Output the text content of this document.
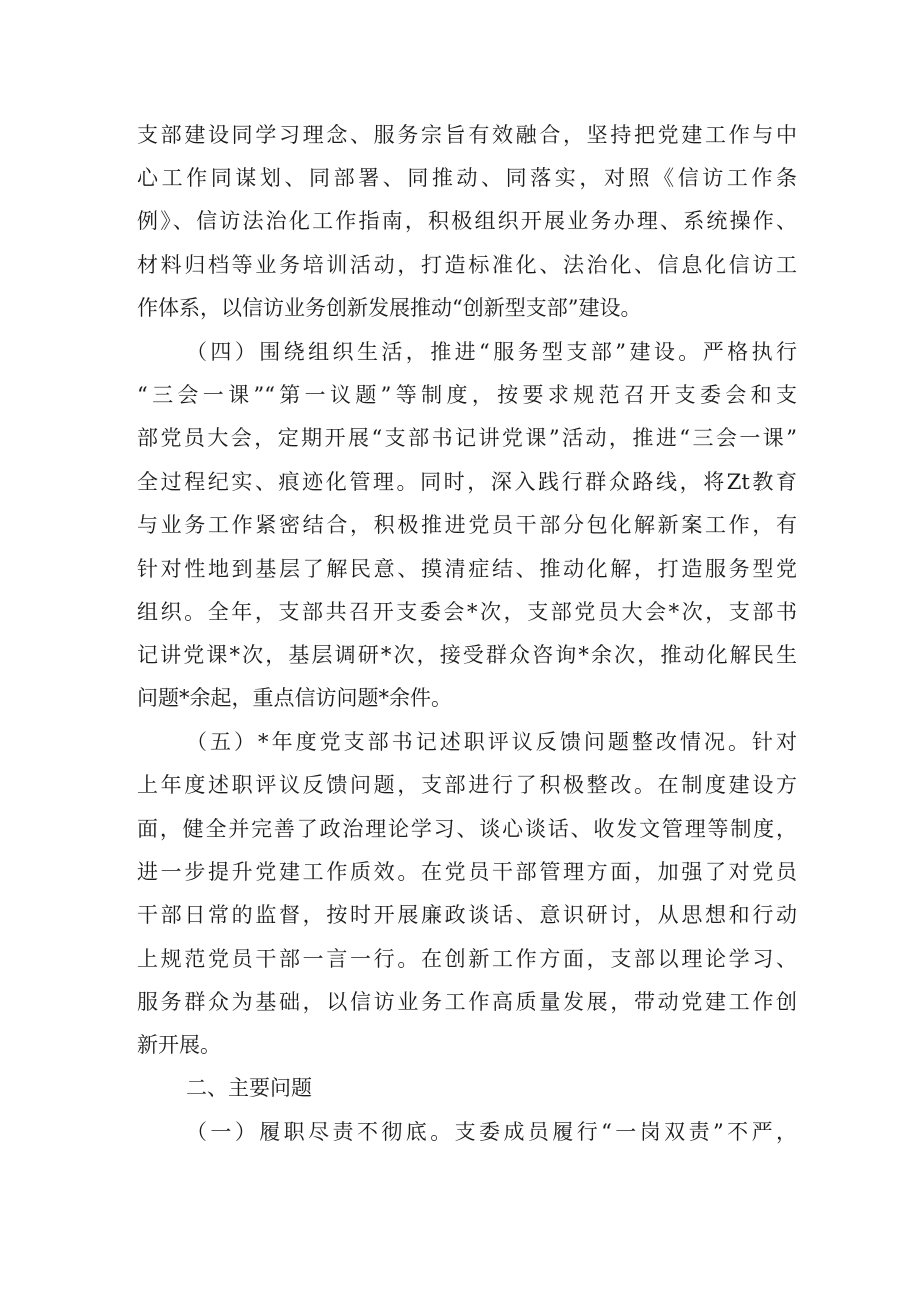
支部建设同学习理念、服务宗旨有效融合，坚持把党建工作与中
心工作同谋划、同部署、同推动、同落实，对照《信访工作条
例》、信访法治化工作指南，积极组织开展业务办理、系统操作、
材料归档等业务培训活动，打造标准化、法治化、信息化信访工
作体系，以信访业务创新发展推动“创新型支部”建设。
（四）围绕组织生活，推进“服务型支部”建设。严格执行
“三会一课”“第一议题”等制度，按要求规范召开支委会和支
部党员大会，定期开展“支部书记讲党课”活动，推进“三会一课”
全过程纪实、痕迹化管理。同时，深入践行群众路线，将Zt教育
与业务工作紧密结合，积极推进党员干部分包化解新案工作，有
针对性地到基层了解民意、摸清症结、推动化解，打造服务型党
组织。全年，支部共召开支委会*次，支部党员大会*次，支部书
记讲党课*次，基层调研*次，接受群众咨询*余次，推动化解民生
问题*余起，重点信访问题*余件。
（五）*年度党支部书记述职评议反馈问题整改情况。针对
上年度述职评议反馈问题，支部进行了积极整改。在制度建设方
面，健全并完善了政治理论学习、谈心谈话、收发文管理等制度，
进一步提升党建工作质效。在党员干部管理方面，加强了对党员
干部日常的监督，按时开展廉政谈话、意识研讨，从思想和行动
上规范党员干部一言一行。在创新工作方面，支部以理论学习、
服务群众为基础，以信访业务工作高质量发展，带动党建工作创
新开展。
二、主要问题
（一）履职尽责不彻底。支委成员履行“一岗双责”不严，
